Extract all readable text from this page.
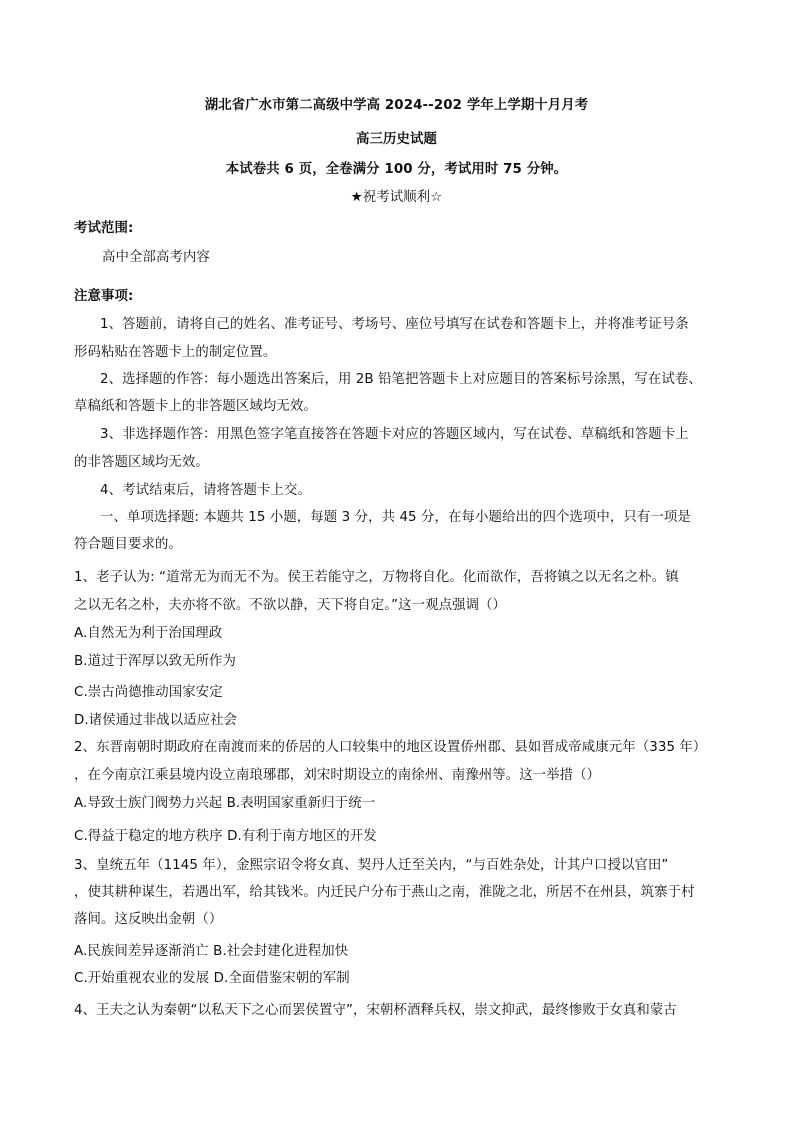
湖北省广水市第二高级中学高 2024--202 学年上学期十月月考
高三历史试题
本试卷共 6 页，全卷满分 100 分，考试用时 75 分钟。
★祝考试顺利☆
考试范围:
高中全部高考内容
注意事项:
1、答题前，请将自己的姓名、准考证号、考场号、座位号填写在试卷和答题卡上，并将准考证号条
形码粘贴在答题卡上的制定位置。
2、选择题的作答：每小题选出答案后，用 2B 铅笔把答题卡上对应题目的答案标号涂黑，写在试卷、
草稿纸和答题卡上的非答题区域均无效。
3、非选择题作答：用黑色签字笔直接答在答题卡对应的答题区域内，写在试卷、草稿纸和答题卡上
的非答题区域均无效。
4、考试结束后，请将答题卡上交。
一、单项选择题: 本题共 15 小题，每题 3 分，共 45 分，在每小题给出的四个选项中，只有一项是
符合题目要求的。
1、老子认为: “道常无为而无不为。侯王若能守之，万物将自化。化而欲作，吾将镇之以无名之朴。镇
之以无名之朴，夫亦将不欲。不欲以静，天下将自定。”这一观点强调（）
A.自然无为利于治国理政
B.道过于浑厚以致无所作为
C.崇古尚德推动国家安定
D.诸侯通过非战以适应社会
2、东晋南朝时期政府在南渡而来的侨居的人口较集中的地区设置侨州郡、县如晋成帝咸康元年（335 年）
，在今南京江乘县境内设立南琅琊郡，刘宋时期设立的南徐州、南豫州等。这一举措（）
A.导致士族门阀势力兴起 B.表明国家重新归于统一
C.得益于稳定的地方秩序 D.有利于南方地区的开发
3、皇统五年（1145 年），金熙宗诏令将女真、契丹人迁至关内，“与百姓杂处，计其户口授以官田”
，使其耕种谋生，若遇出军，给其钱米。内迁民户分布于燕山之南，淮陇之北，所居不在州县，筑寨于村
落间。这反映出金朝（）
A.民族间差异逐渐消亡 B.社会封建化进程加快
C.开始重视农业的发展 D.全面借鉴宋朝的军制
4、王夫之认为秦朝“以私天下之心而罢侯置守”，宋朝杯酒释兵权，崇文抑武，最终惨败于女真和蒙古
